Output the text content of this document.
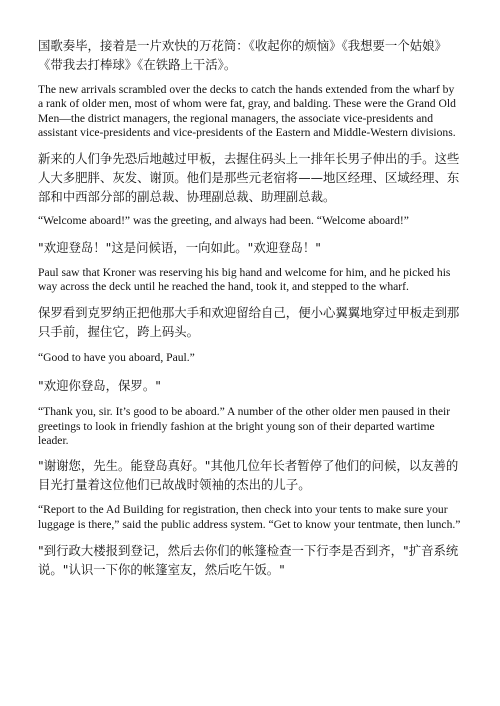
国歌奏毕，接着是一片欢快的万花筒：《收起你的烦恼》《我想要一个姑娘》《带我去打棒球》《在铁路上干活》。

The new arrivals scrambled over the decks to catch the hands extended from the wharf by a rank of older men, most of whom were fat, gray, and balding. These were the Grand Old Men—the district managers, the regional managers, the associate vice-presidents and assistant vice-presidents and vice-presidents of the Eastern and Middle-Western divisions.

新来的人们争先恐后地越过甲板，去握住码头上一排年长男子伸出的手。这些人大多肥胖、灰发、谢顶。他们是那些元老宿将——地区经理、区域经理、东部和中西部分部的副总裁、协理副总裁、助理副总裁。

“Welcome aboard!” was the greeting, and always had been. “Welcome aboard!”

"欢迎登岛！"这是问候语，一向如此。"欢迎登岛！"

Paul saw that Kroner was reserving his big hand and welcome for him, and he picked his way across the deck until he reached the hand, took it, and stepped to the wharf.

保罗看到克罗纳正把他那大手和欢迎留给自己，便小心翼翼地穿过甲板走到那只手前，握住它，跨上码头。

“Good to have you aboard, Paul.”

"欢迎你登岛，保罗。"

“Thank you, sir. It’s good to be aboard.” A number of the other older men paused in their greetings to look in friendly fashion at the bright young son of their departed wartime leader.

"谢谢您，先生。能登岛真好。"其他几位年长者暂停了他们的问候，以友善的目光打量着这位他们已故战时领袖的杰出的儿子。

“Report to the Ad Building for registration, then check into your tents to make sure your luggage is there,” said the public address system. “Get to know your tentmate, then lunch.”

"到行政大楼报到登记，然后去你们的帐篷检查一下行李是否到齐，"扩音系统说。"认识一下你的帐篷室友，然后吃午饭。"
